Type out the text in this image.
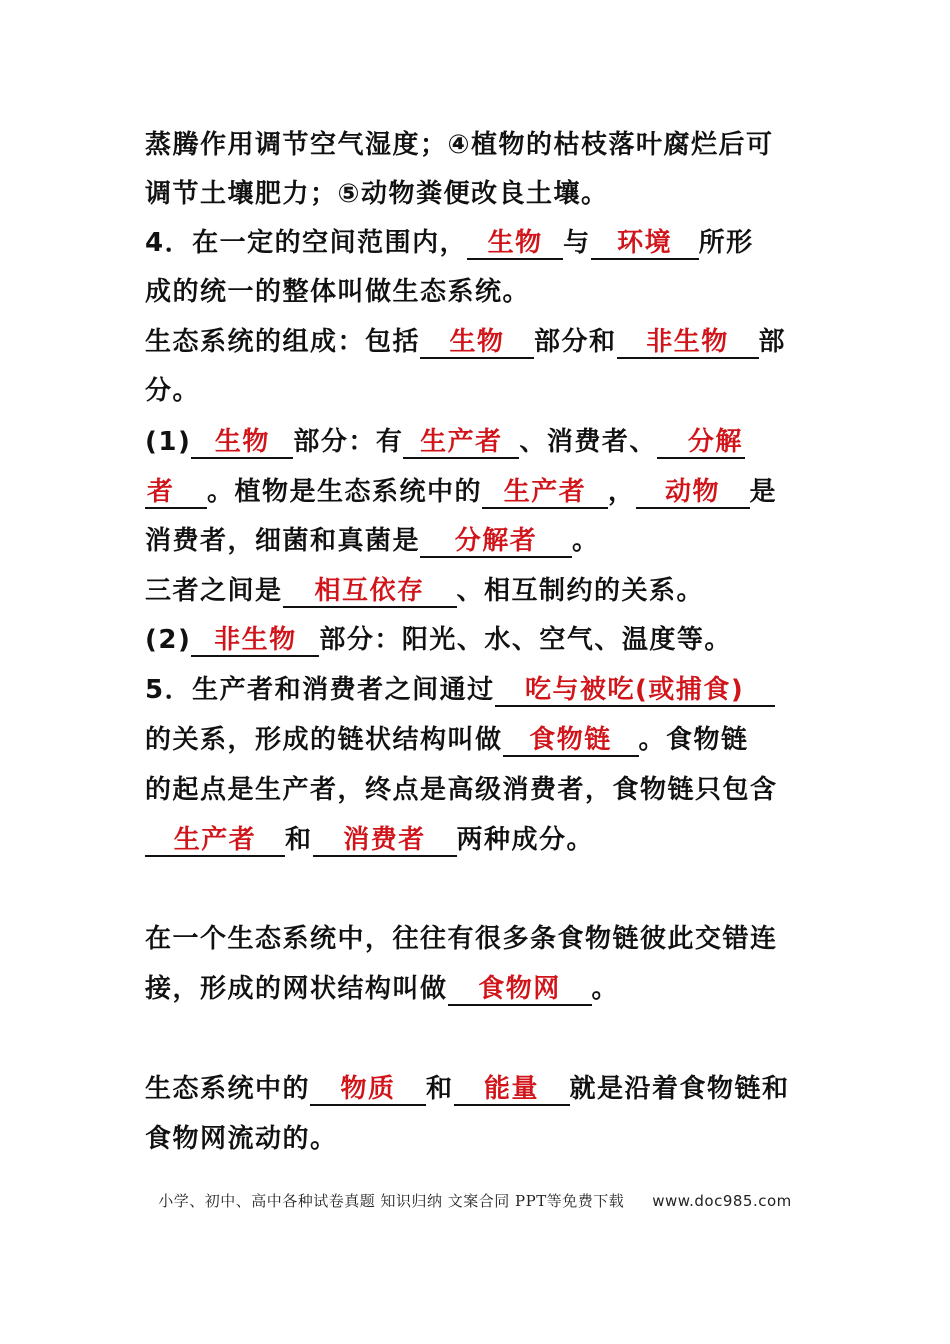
蒸腾作用调节空气湿度；④植物的枯枝落叶腐烂后可
调节土壤肥力；⑤动物粪便改良土壤。
4．在一定的空间范围内， 生物 与 环境 所形
成的统一的整体叫做生态系统。
生态系统的组成：包括 生物 部分和 非生物 部
分。
(1) 生物 部分：有 生产者 、消费者、 分解
者 。植物是生态系统中的 生产者 ， 动物 是
消费者，细菌和真菌是 分解者 。
三者之间是 相互依存 、相互制约的关系。
(2) 非生物 部分：阳光、水、空气、温度等。
5．生产者和消费者之间通过 吃与被吃(或捕食)
的关系，形成的链状结构叫做 食物链 。食物链
的起点是生产者，终点是高级消费者，食物链只包含
生产者 和 消费者 两种成分。
在一个生态系统中，往往有很多条食物链彼此交错连
接，形成的网状结构叫做 食物网 。
生态系统中的 物质 和 能量 就是沿着食物链和
食物网流动的。
小学、初中、高中各种试卷真题 知识归纳 文案合同 PPT等免费下载 www.doc985.com
